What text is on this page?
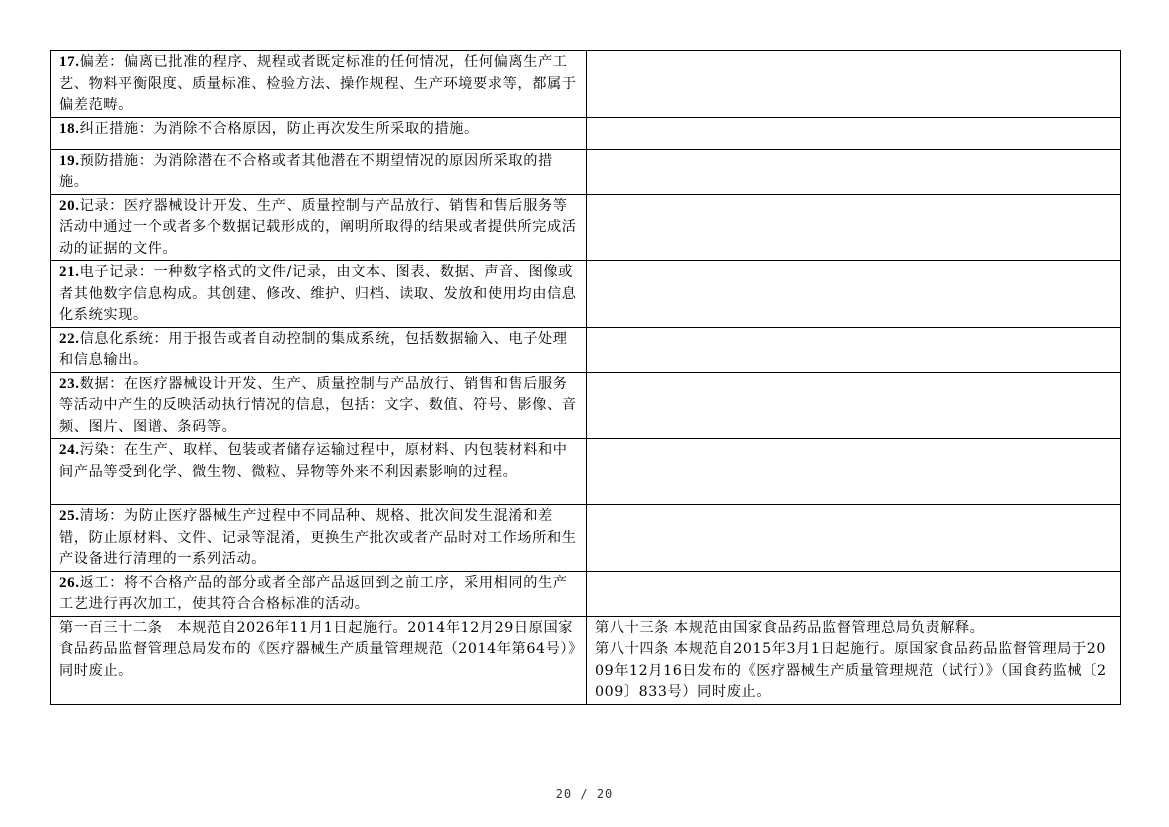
17.偏差：偏离已批准的程序、规程或者既定标准的任何情况，任何偏离生产工艺、物料平衡限度、质量标准、检验方法、操作规程、生产环境要求等，都属于偏差范畴。	
18.纠正措施：为消除不合格原因，防止再次发生所采取的措施。	
19.预防措施：为消除潜在不合格或者其他潜在不期望情况的原因所采取的措施。	
20.记录：医疗器械设计开发、生产、质量控制与产品放行、销售和售后服务等活动中通过一个或者多个数据记载形成的，阐明所取得的结果或者提供所完成活动的证据的文件。	
21.电子记录：一种数字格式的文件/记录，由文本、图表、数据、声音、图像或者其他数字信息构成。其创建、修改、维护、归档、读取、发放和使用均由信息化系统实现。	
22.信息化系统：用于报告或者自动控制的集成系统，包括数据输入、电子处理和信息输出。	
23.数据：在医疗器械设计开发、生产、质量控制与产品放行、销售和售后服务等活动中产生的反映活动执行情况的信息，包括：文字、数值、符号、影像、音频、图片、图谱、条码等。	
24.污染：在生产、取样、包装或者储存运输过程中，原材料、内包装材料和中间产品等受到化学、微生物、微粒、异物等外来不利因素影响的过程。	
25.清场：为防止医疗器械生产过程中不同品种、规格、批次间发生混淆和差错，防止原材料、文件、记录等混淆，更换生产批次或者产品时对工作场所和生产设备进行清理的一系列活动。	
26.返工：将不合格产品的部分或者全部产品返回到之前工序，采用相同的生产工艺进行再次加工，使其符合合格标准的活动。	
第一百三十二条　本规范自2026年11月1日起施行。2014年12月29日原国家食品药品监督管理总局发布的《医疗器械生产质量管理规范（2014年第64号）》同时废止。	第八十三条 本规范由国家食品药品监督管理总局负责解释。
第八十四条 本规范自2015年3月1日起施行。原国家食品药品监督管理局于2009年12月16日发布的《医疗器械生产质量管理规范（试行）》（国食药监械〔2009〕833号）同时废止。
20 / 20
